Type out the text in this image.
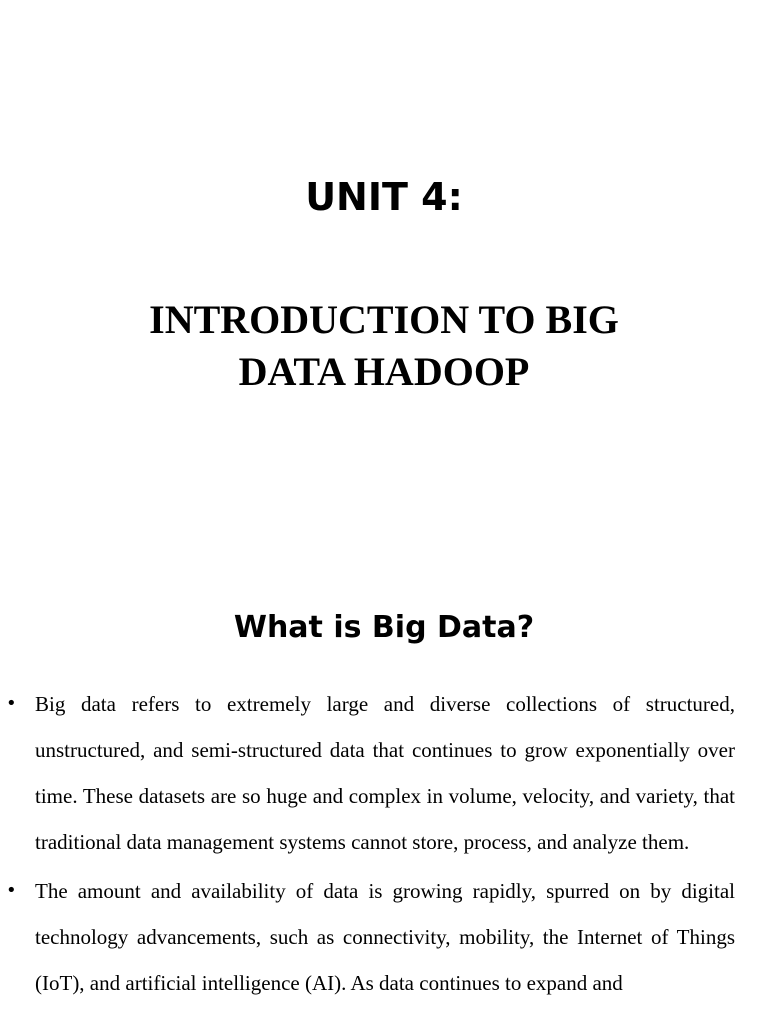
UNIT 4:
INTRODUCTION TO BIG
DATA HADOOP
What is Big Data?
• Big data refers to extremely large and diverse collections of structured, unstructured, and semi-structured data that continues to grow exponentially over time. These datasets are so huge and complex in volume, velocity, and variety, that traditional data management systems cannot store, process, and analyze them.
• The amount and availability of data is growing rapidly, spurred on by digital technology advancements, such as connectivity, mobility, the Internet of Things (IoT), and artificial intelligence (AI). As data continues to expand and
